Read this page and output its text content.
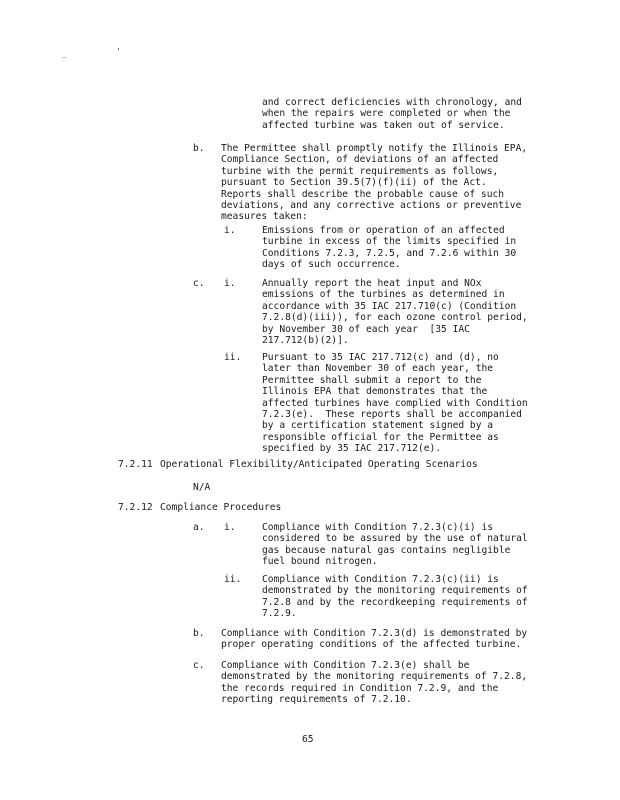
_	'
and correct deficiencies with chronology, and
when the repairs were completed or when the
affected turbine was taken out of service.
b. The Permittee shall promptly notify the Illinois EPA,
Compliance Section, of deviations of an affected
turbine with the permit requirements as follows,
pursuant to Section 39.5(7)(f)(ii) of the Act.
Reports shall describe the probable cause of such
deviations, and any corrective actions or preventive
measures taken:
i.	Emissions from or operation of an affected
turbine in excess of the limits specified in
Conditions 7.2.3, 7.2.5, and 7.2.6 within 30
days of such occurrence.
c. i.	Annually report the heat input and NOx
emissions of the turbines as determined in
accordance with 35 IAC 217.710(c) (Condition
7.2.8(d)(iii)), for each ozone control period,
by November 30 of each year  [35 IAC
217.712(b)(2)].
ii. Pursuant to 35 IAC 217.712(c) and (d), no
later than November 30 of each year, the
Permittee shall submit a report to the
Illinois EPA that demonstrates that the
affected turbines have complied with Condition
7.2.3(e).  These reports shall be accompanied
by a certification statement signed by a
responsible official for the Permittee as
specified by 35 IAC 217.712(e).
7.2.11 Operational Flexibility/Anticipated Operating Scenarios
N/A
7.2.12 Compliance Procedures
a. i.	Compliance with Condition 7.2.3(c)(i) is
considered to be assured by the use of natural
gas because natural gas contains negligible
fuel bound nitrogen.
ii. Compliance with Condition 7.2.3(c)(ii) is
demonstrated by the monitoring requirements of
7.2.8 and by the recordkeeping requirements of
7.2.9.
b. Compliance with Condition 7.2.3(d) is demonstrated by
proper operating conditions of the affected turbine.
c. Compliance with Condition 7.2.3(e) shall be
demonstrated by the monitoring requirements of 7.2.8,
the records required in Condition 7.2.9, and the
reporting requirements of 7.2.10.
65
